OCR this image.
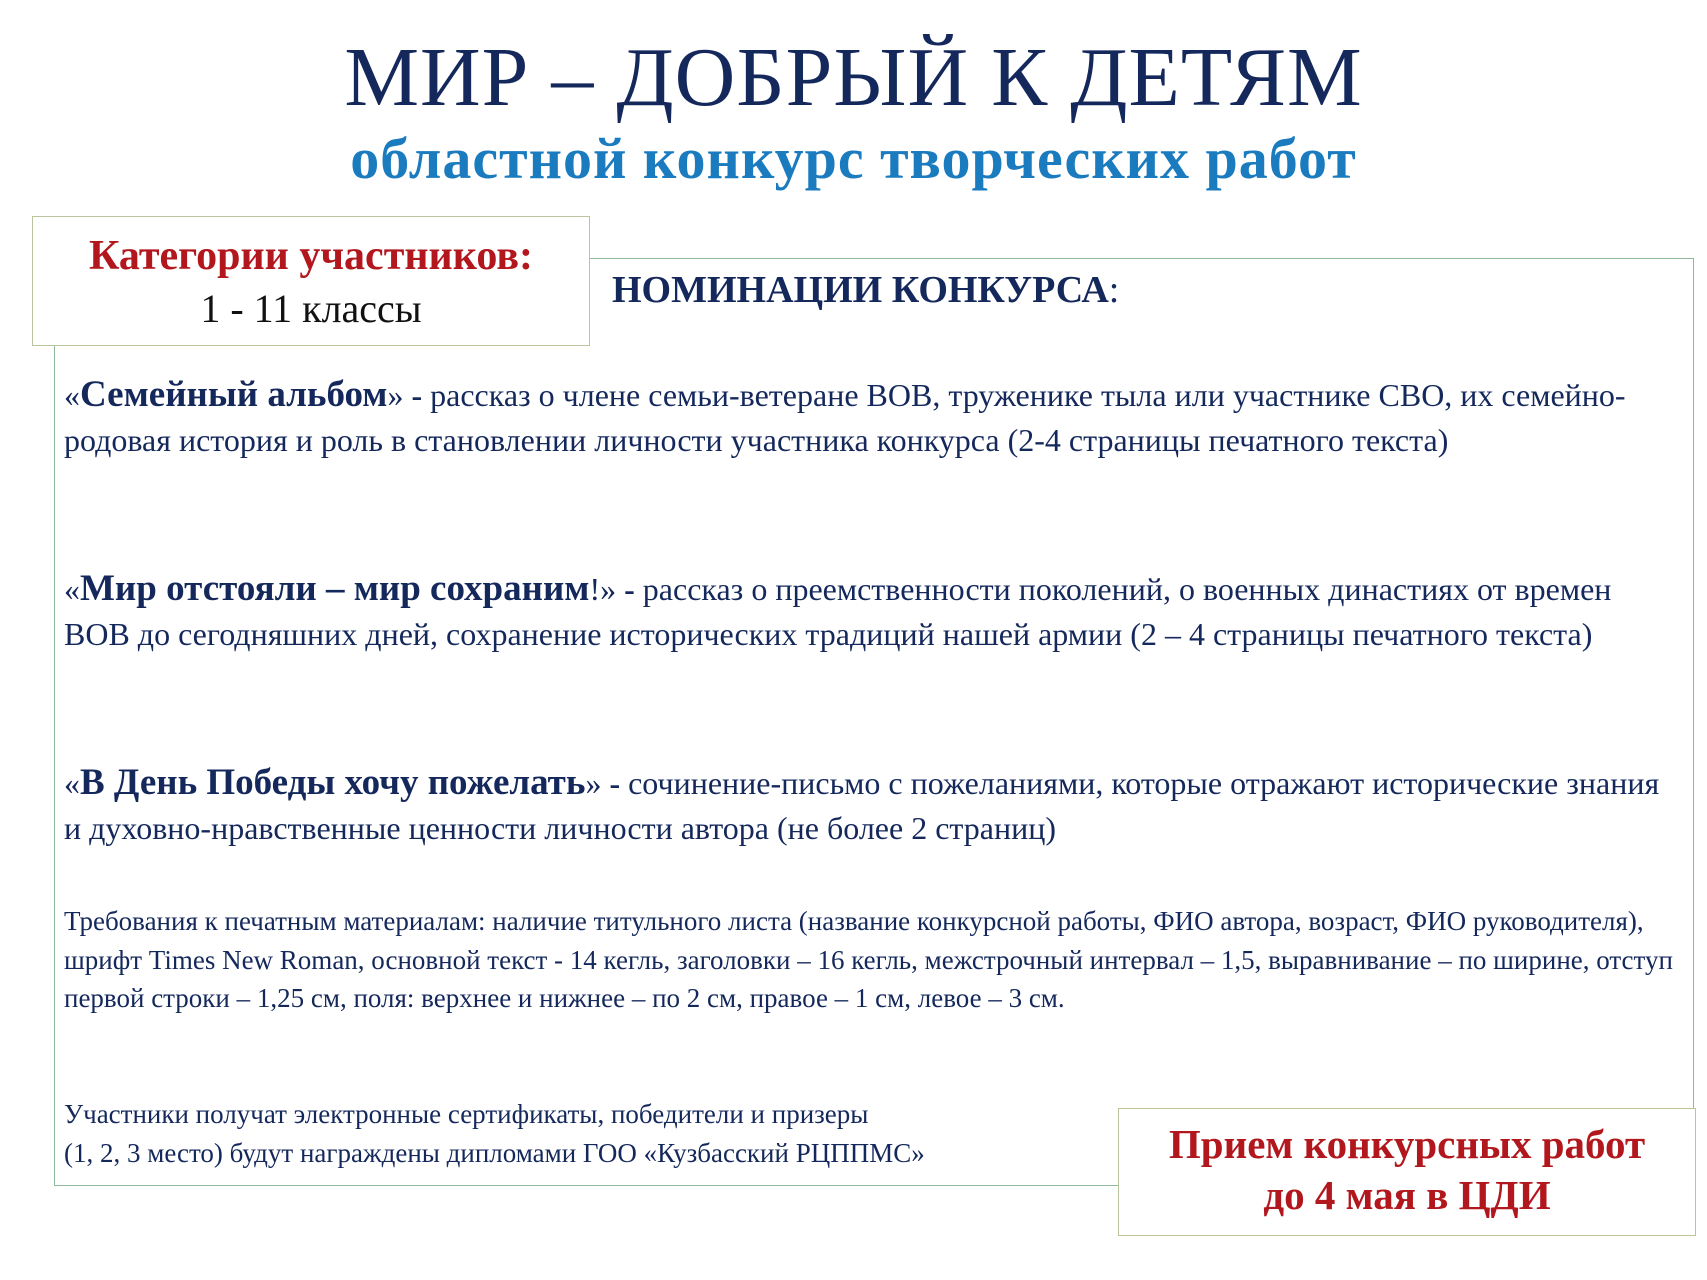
МИР – ДОБРЫЙ К ДЕТЯМ
областной конкурс творческих работ
Категории участников:
1 - 11 классы	НОМИНАЦИИ КОНКУРСА:
«Семейный альбом» - рассказ о члене семьи-ветеране ВОВ, труженике тыла или участнике СВО, их семейно-родовая история и роль в становлении личности участника конкурса (2-4 страницы печатного текста)
«Мир отстояли – мир сохраним!» - рассказ о преемственности поколений, о военных династиях от времен ВОВ до сегодняшних дней, сохранение исторических традиций нашей армии (2 – 4 страницы печатного текста)
«В День Победы хочу пожелать» - сочинение-письмо с пожеланиями, которые отражают исторические знания и духовно-нравственные ценности личности автора (не более 2 страниц)
Требования к печатным материалам: наличие титульного листа (название конкурсной работы, ФИО автора, возраст, ФИО руководителя), шрифт Times New Roman, основной текст - 14 кегль, заголовки – 16 кегль, межстрочный интервал – 1,5, выравнивание – по ширине, отступ первой строки – 1,25 см, поля: верхнее и нижнее – по 2 см, правое – 1 см, левое – 3 см.
Участники получат электронные сертификаты, победители и призеры
(1, 2, 3 место) будут награждены дипломами ГОО «Кузбасский РЦППМС»	Прием конкурсных работ
до 4 мая в ЦДИ
